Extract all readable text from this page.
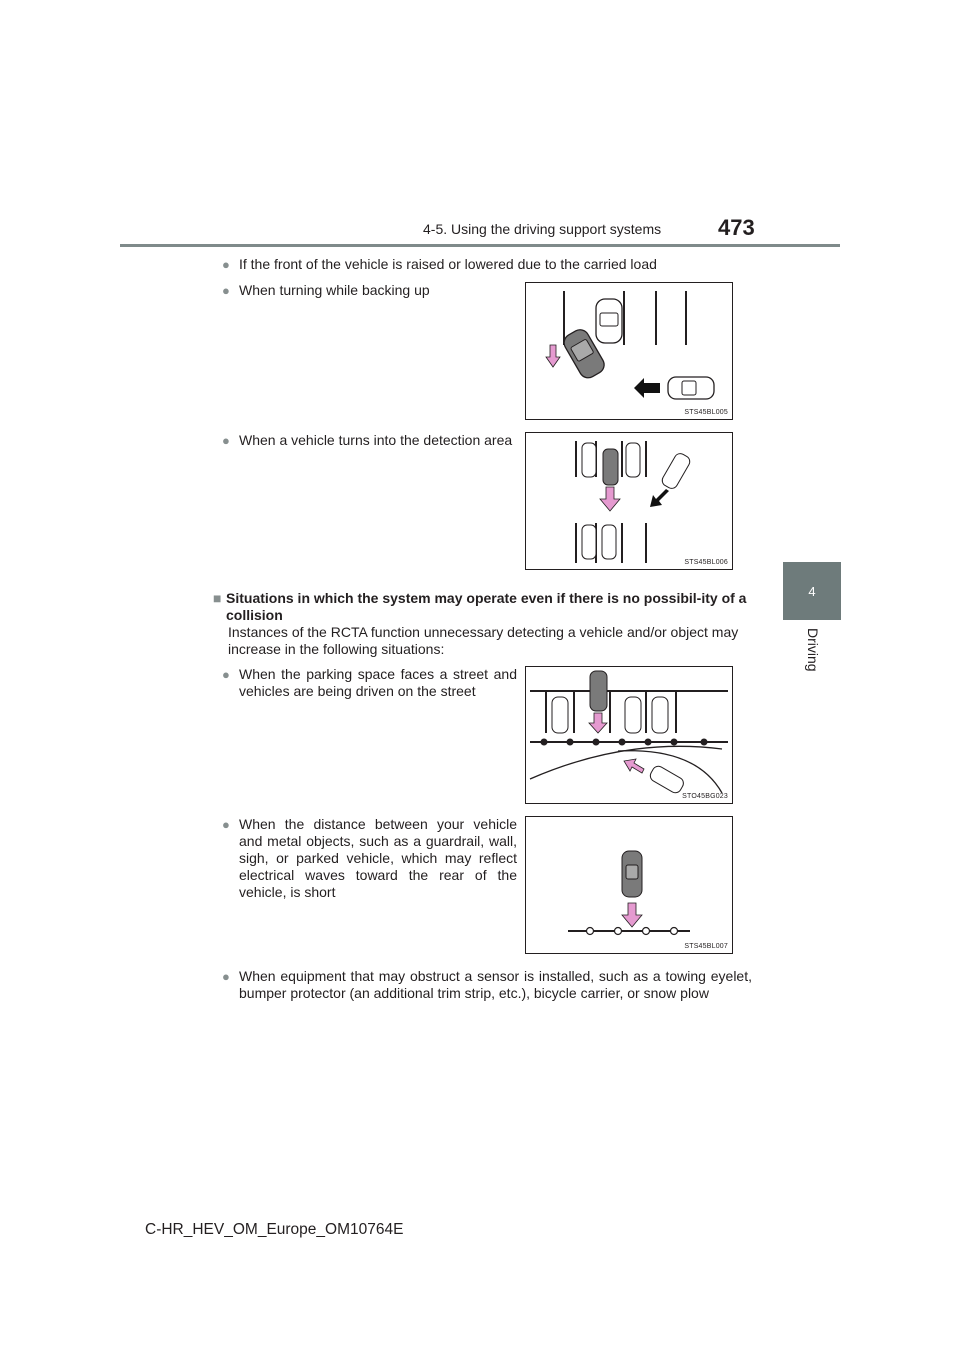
4-5. Using the driving support systems	473
4
Driving
● If the front of the vehicle is raised or lowered due to the carried load
● When turning while backing up
● When a vehicle turns into the detection area
STS45BL005
STS45BL006
■ Situations in which the system may operate even if there is no possibil-ity of a collision
Instances of the RCTA function unnecessary detecting a vehicle and/or object may increase in the following situations:
● When the parking space faces a street and vehicles are being driven on the street
● When the distance between your vehicle and metal objects, such as a guardrail, wall, sigh, or parked vehicle, which may reflect electrical waves toward the rear of the vehicle, is short
● When equipment that may obstruct a sensor is installed, such as a towing eyelet, bumper protector (an additional trim strip, etc.), bicycle carrier, or snow plow
STO45BG023
STS45BL007
C-HR_HEV_OM_Europe_OM10764E
